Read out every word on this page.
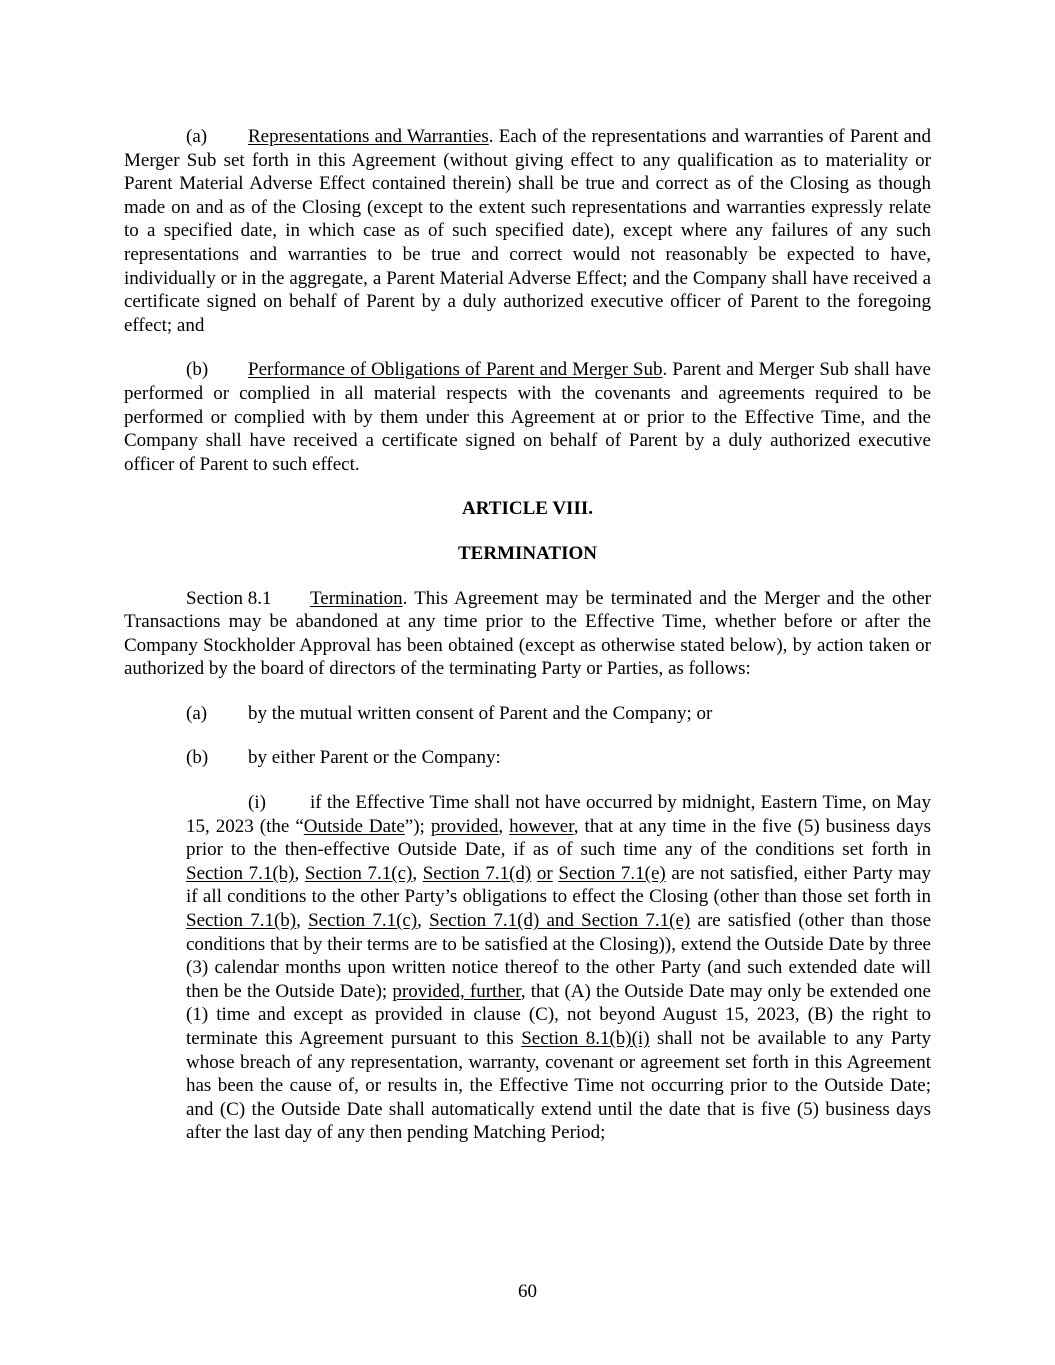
(a) Representations and Warranties. Each of the representations and warranties of Parent and Merger Sub set forth in this Agreement (without giving effect to any qualification as to materiality or Parent Material Adverse Effect contained therein) shall be true and correct as of the Closing as though made on and as of the Closing (except to the extent such representations and warranties expressly relate to a specified date, in which case as of such specified date), except where any failures of any such representations and warranties to be true and correct would not reasonably be expected to have, individually or in the aggregate, a Parent Material Adverse Effect; and the Company shall have received a certificate signed on behalf of Parent by a duly authorized executive officer of Parent to the foregoing effect; and

(b) Performance of Obligations of Parent and Merger Sub. Parent and Merger Sub shall have performed or complied in all material respects with the covenants and agreements required to be performed or complied with by them under this Agreement at or prior to the Effective Time, and the Company shall have received a certificate signed on behalf of Parent by a duly authorized executive officer of Parent to such effect.

ARTICLE VIII.

TERMINATION

Section 8.1 Termination. This Agreement may be terminated and the Merger and the other Transactions may be abandoned at any time prior to the Effective Time, whether before or after the Company Stockholder Approval has been obtained (except as otherwise stated below), by action taken or authorized by the board of directors of the terminating Party or Parties, as follows:

(a) by the mutual written consent of Parent and the Company; or

(b) by either Parent or the Company:

(i) if the Effective Time shall not have occurred by midnight, Eastern Time, on May 15, 2023 (the “Outside Date”); provided, however, that at any time in the five (5) business days prior to the then-effective Outside Date, if as of such time any of the conditions set forth in Section 7.1(b), Section 7.1(c), Section 7.1(d) or Section 7.1(e) are not satisfied, either Party may if all conditions to the other Party’s obligations to effect the Closing (other than those set forth in Section 7.1(b), Section 7.1(c), Section 7.1(d) and Section 7.1(e) are satisfied (other than those conditions that by their terms are to be satisfied at the Closing)), extend the Outside Date by three (3) calendar months upon written notice thereof to the other Party (and such extended date will then be the Outside Date); provided, further, that (A) the Outside Date may only be extended one (1) time and except as provided in clause (C), not beyond August 15, 2023, (B) the right to terminate this Agreement pursuant to this Section 8.1(b)(i) shall not be available to any Party whose breach of any representation, warranty, covenant or agreement set forth in this Agreement has been the cause of, or results in, the Effective Time not occurring prior to the Outside Date; and (C) the Outside Date shall automatically extend until the date that is five (5) business days after the last day of any then pending Matching Period;

60
